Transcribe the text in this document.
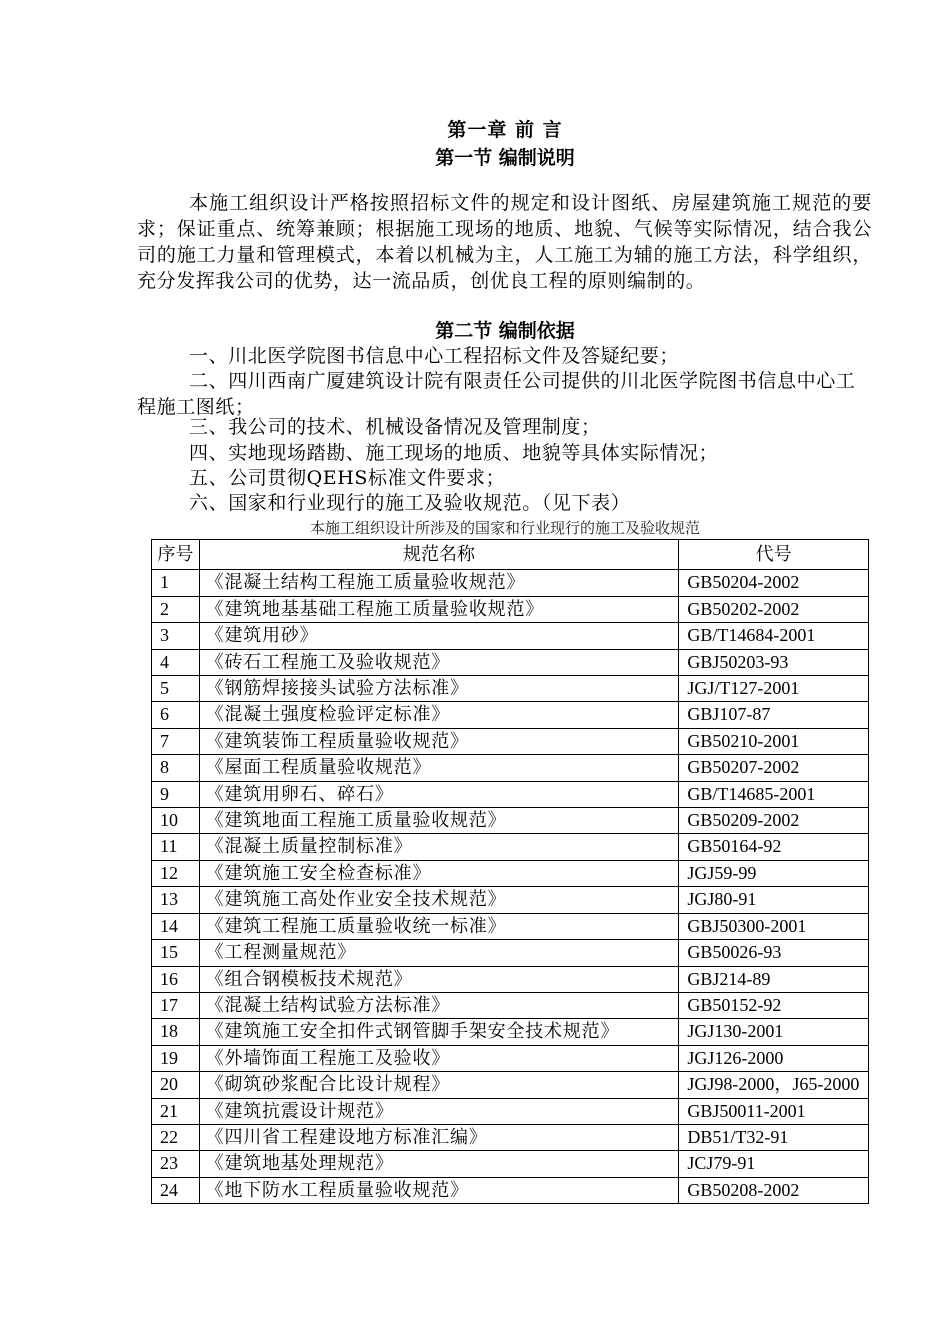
第一章 前 言
第一节 编制说明
本施工组织设计严格按照招标文件的规定和设计图纸、房屋建筑施工规范的要求；保证重点、统筹兼顾；根据施工现场的地质、地貌、气候等实际情况，结合我公司的施工力量和管理模式，本着以机械为主，人工施工为辅的施工方法，科学组织，充分发挥我公司的优势，达一流品质，创优良工程的原则编制的。
第二节 编制依据
一、川北医学院图书信息中心工程招标文件及答疑纪要；
二、四川西南广厦建筑设计院有限责任公司提供的川北医学院图书信息中心工程施工图纸；
三、我公司的技术、机械设备情况及管理制度；
四、实地现场踏勘、施工现场的地质、地貌等具体实际情况；
五、公司贯彻QEHS标准文件要求；
六、国家和行业现行的施工及验收规范。（见下表）
本施工组织设计所涉及的国家和行业现行的施工及验收规范
序号	规范名称	代号
1	《混凝土结构工程施工质量验收规范》	GB50204-2002
2	《建筑地基基础工程施工质量验收规范》	GB50202-2002
3	《建筑用砂》	GB/T14684-2001
4	《砖石工程施工及验收规范》	GBJ50203-93
5	《钢筋焊接接头试验方法标准》	JGJ/T127-2001
6	《混凝土强度检验评定标准》	GBJ107-87
7	《建筑装饰工程质量验收规范》	GB50210-2001
8	《屋面工程质量验收规范》	GB50207-2002
9	《建筑用卵石、碎石》	GB/T14685-2001
10	《建筑地面工程施工质量验收规范》	GB50209-2002
11	《混凝土质量控制标准》	GB50164-92
12	《建筑施工安全检查标准》	JGJ59-99
13	《建筑施工高处作业安全技术规范》	JGJ80-91
14	《建筑工程施工质量验收统一标准》	GBJ50300-2001
15	《工程测量规范》	GB50026-93
16	《组合钢模板技术规范》	GBJ214-89
17	《混凝土结构试验方法标准》	GB50152-92
18	《建筑施工安全扣件式钢管脚手架安全技术规范》	JGJ130-2001
19	《外墙饰面工程施工及验收》	JGJ126-2000
20	《砌筑砂浆配合比设计规程》	JGJ98-2000，J65-2000
21	《建筑抗震设计规范》	GBJ50011-2001
22	《四川省工程建设地方标准汇编》	DB51/T32-91
23	《建筑地基处理规范》	JCJ79-91
24	《地下防水工程质量验收规范》	GB50208-2002
